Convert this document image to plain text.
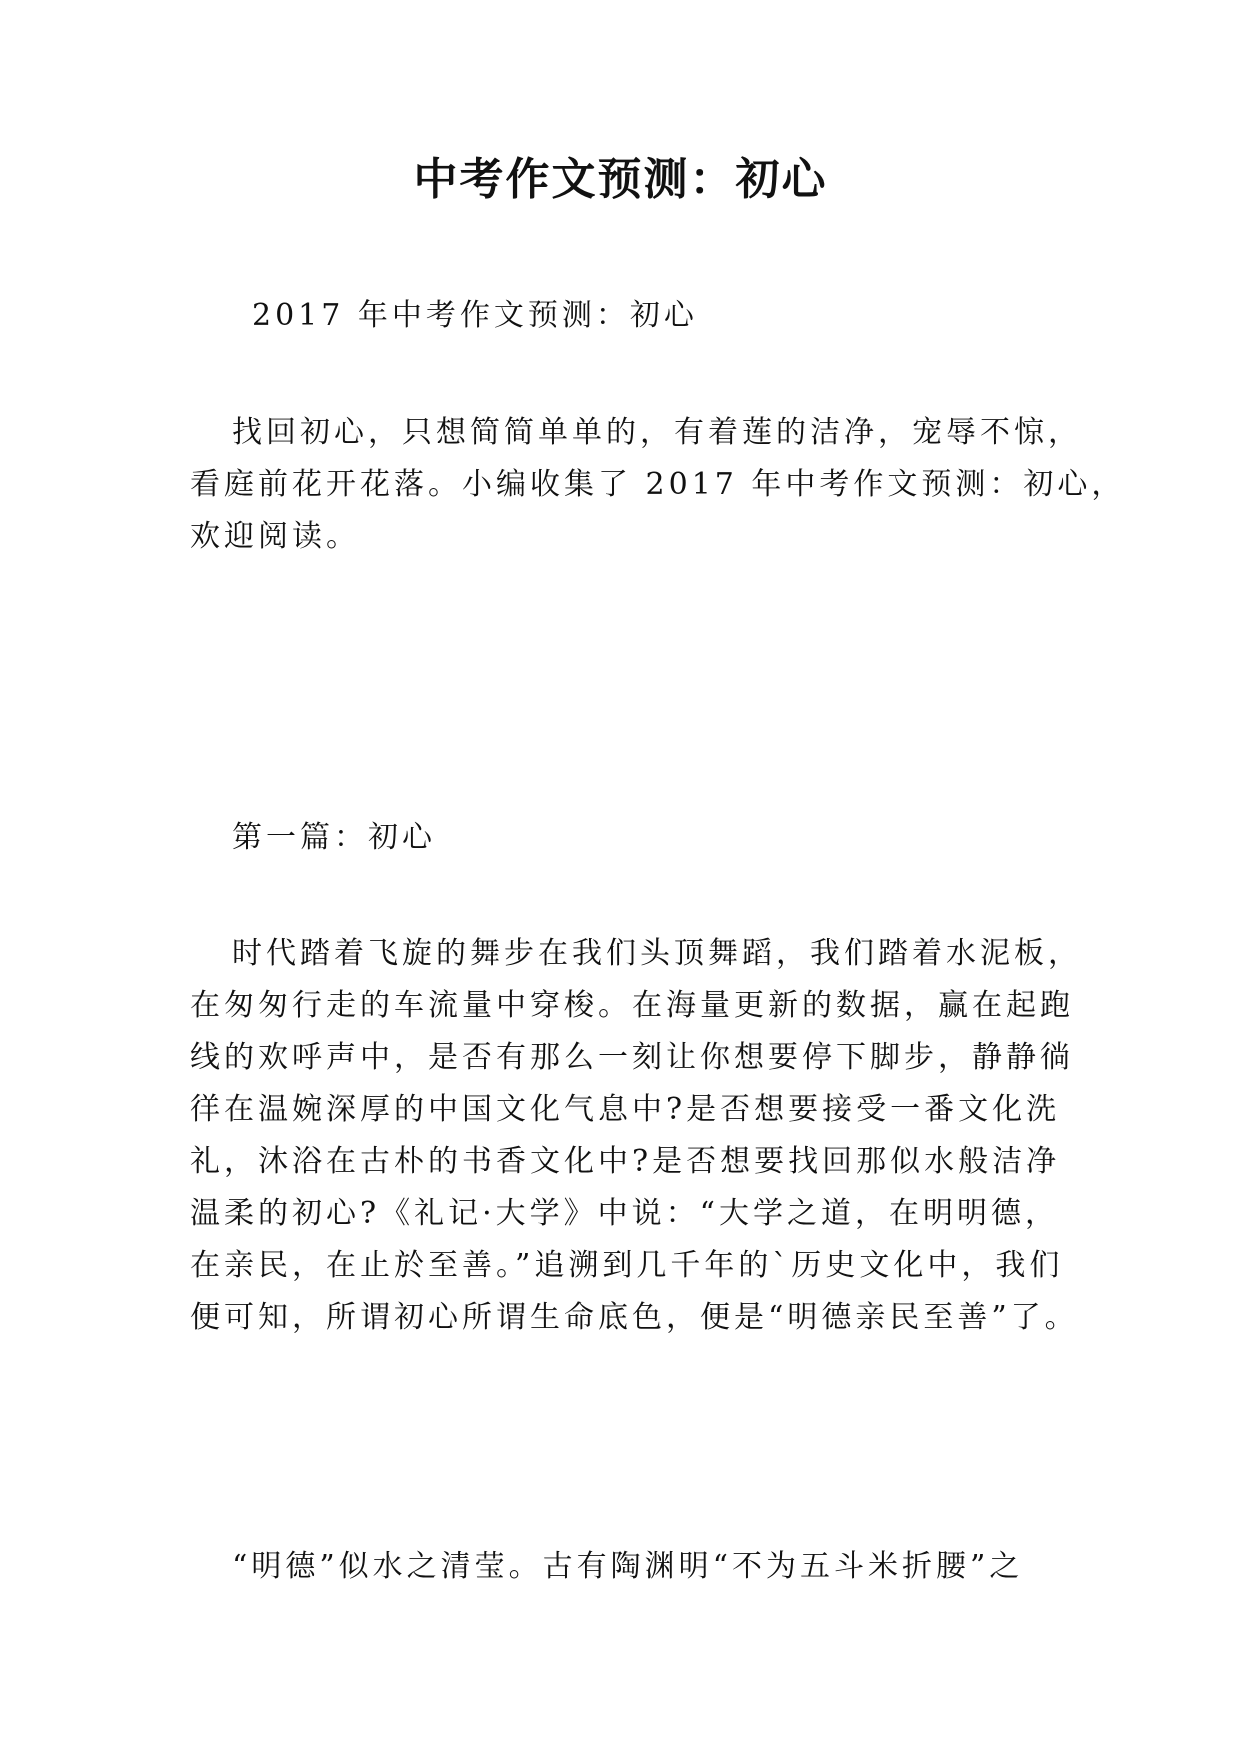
中考作文预测：初心

2017 年中考作文预测：初心

找回初心，只想简简单单的，有着莲的洁净，宠辱不惊，
看庭前花开花落。小编收集了 2017 年中考作文预测：初心，
欢迎阅读。

第一篇：初心

时代踏着飞旋的舞步在我们头顶舞蹈，我们踏着水泥板，
在匆匆行走的车流量中穿梭。在海量更新的数据，赢在起跑
线的欢呼声中，是否有那么一刻让你想要停下脚步，静静徜
徉在温婉深厚的中国文化气息中?是否想要接受一番文化洗
礼，沐浴在古朴的书香文化中?是否想要找回那似水般洁净
温柔的初心?《礼记·大学》中说：“大学之道，在明明德，
在亲民，在止於至善。”追溯到几千年的`历史文化中，我们
便可知，所谓初心所谓生命底色，便是“明德亲民至善”了。

“明德”似水之清莹。古有陶渊明“不为五斗米折腰”之
